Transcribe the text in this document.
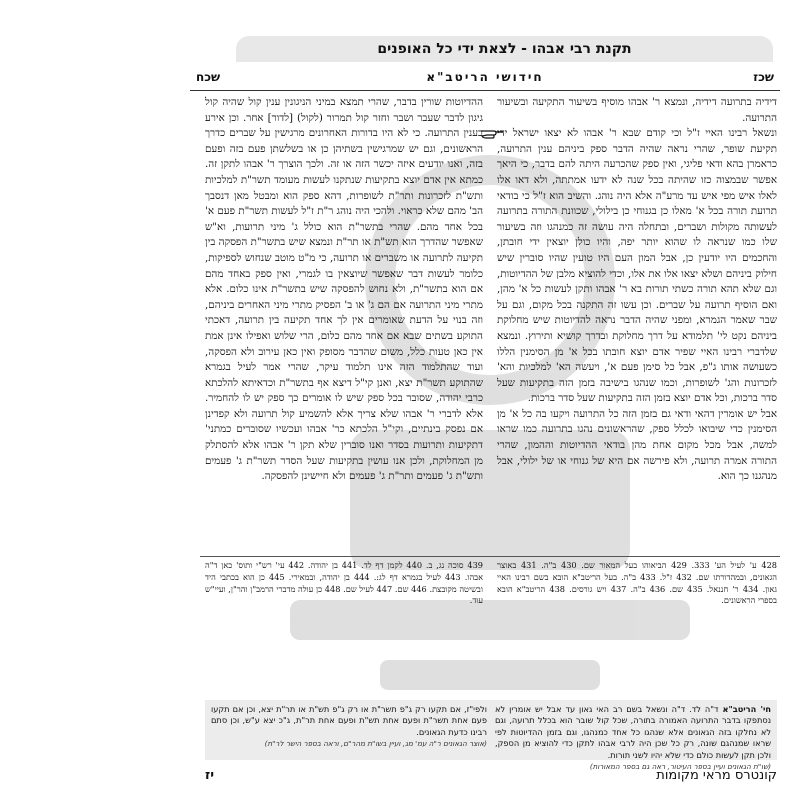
תקנת רבי אבהו - לצאת ידי כל האופנים
שכז
חידושי הריטב"א
שכח

דידיה בתרועה דידיה, ונמצא ר' אבהו מוסיף בשיעור התקיעה ובשיעור התרועה.

ונשאל רבינו האיי ז"ל וכי קודם שבא ר' אבהו לא יצאו ישראל ידי תקיעת שופר, שהרי נראה שהיה הדבר ספק ביניהם ענין התרועה, כראמרן בהא ודאי פליגי, ואין ספק שהכרעה היתה להם בדבר, כי היאך אפשר שבמצוה כזו שהיתה בכל שנה לא ידעו אמתתה, ולא דאו אלו לאלו איש מפי איש עד מרע"ה אלא היה נוהג. והשיב הוא ז"ל כי בודאי תרועת תורה בכל א' מאלו כן בגנוחי כן בילולי, שכוונת התורה בתרועה לעשותה מקולות ושברים, ובתחלה היה עושה זה כמנהגו וזה בשיעור שלו כמו שנראה לו שהוא יותר יפה, והיו כולן יוצאין ידי חובתן, והחכמים היו יודעין כן, אבל המון העם היו טועין שהיו סוברין שיש חילוק ביניהם ושלא יצאו אלו את אלו, וכדי להוציא מלבן של ההדיוטות, וגם שלא תהא תורה כשתי תורות בא ר' אבהו ותקן לעשות כל א' מהן, ואם הוסיף תרועה על שברים. וכן עשו זה התקנה בכל מקום, וגם על שבר שאמר הגמרא, ומפני שהיה הדבר נראה להדיוטות שיש מחלוקת ביניהם נקט לי' תלמודא על דרך מחלוקת ובדרך קושיא ותירוץ. ונמצא שלדברי רבינו האיי שפיר אדם יוצא חובתו בכל א' מן הסימנין הללו כשעושה אותו ג"פ, אבל כל סימן פעם א', ויעשה הא' למלכיות והא' לזכרונות והג' לשופרות, וכמו שנהגו בישיבה בזמן הזה בתקיעות שעל סדר ברכות, וכל אדם יוצא בזמן הזה בתקיעות שעל סדר ברכות.

אבל יש אומרין דהאי ודאי גם בזמן הזה כל התרועה ויקעו בה כל א' מן הסימנין כדי שיבואו לכלל ספק, שהראשונים נהגו בתרועה כמו שראו למשה, אבל מכל מקום אחת מהן בודאי ההדיוטות וההמון, שהרי התורה אמרה תרועה, ולא פירשה אם היא של גנוחי או של ילולי, אבל מנהגנו כך הוא.

ההדיוטות שורין בדבר, שהרי תמצא במיני הניגונין ענין קול שהיה קול גיגון לדבר שעבר ושבר וחזר קול תמרור (לקול) [לדור] אחר. וכן אירע בענין התרועה. כי לא היו בדורות האחרונים מרגישין על שברים כדרך הראשונים, וגם יש שמרגישין בשתיהן כן או בשלשתן פעם בזה ופעם בזה, ואנו יודעים איזה יכשר הזה או זה. ולכך הוצרך ר' אבהו לתקן זה. כמתא אין אדם יוצא בתקיעות שנתקנו לעשות מעומד תשר"ת למלכיות ותש"ת לזכרונות ותר"ת לשופרות, דהא ספק הוא ומבטל מאן דנסבך הב' מהם שלא כראוי. ולהכי היה נוהג ר"ת ז"ל לעשות תשר"ת פעם א' בכל אחד מהם. שהרי בתשר"ת הוא כולל ג' מיני תרועות, וא"ש שאפשר שהדרך הוא תש"ת או תר"ת ונמצא שיש בתשר"ת הפסקה בין תקיעה לתרועה או משברים או תרועה, כי מ"ט מוטב שנחוש לספיקות, כלומר לעשות דבר שאפשר שיוצאין בו לגמרי, ואין ספק באחד מהם אם הוא בתשר"ת, ולא נחוש להפסקה שיש בתשר"ת אינו כלום. אלא מתרי מיני התרועה אם הם ג' או ב' הפסיק מתרי מיני האחרים ביניהם, וזה בנוי על הדעת שאומרים אין לך אחד תקיעה בין תרועה, דאכתי התוקע בשתים שבא אם אחד מהם כלום, הרי שלוש ואפילו אינן אמת אין כאן טעות כלל, משום שהדבר מסופק ואין כאן עירוב ולא הפסקה, ועוד שהתלמוד הזה אינו תלמוד עיקר, שהרי אמר לעיל בגמרא שהתוקע תשר"ת יצא, ואנן קי"ל דיצא אף בתשר"ת וכדאיתא להלכתא כרבי יהודה, שסובר בכל ספק שיש לו אומרים כך ספק יש לו להחמיר. אלא לדברי ר' אבהו שלא צריך אלא להשמיע קול תרועה ולא קפדינן אם נפסק בינתיים, וקי"ל הלכתא כר' אבהו ועכשיו שסוברים כמתני' דתקיעות ותרועות בסדר ואנו סוברין שלא תקן ר' אבהו אלא להסתלק מן המחלוקת, ולכן אנו עושין בתקיעות שעל הסדר תשר"ת ג' פעמים ותש"ת ג' פעמים ותר"ת ג' פעמים ולא חיישינן להפסקה.

428 ע' לעיל הע' 333. 429 הביאוהו בעל המאור שם. 430 ב"ה. 431 באוצר הגאונים, ובמהדורתו שם. 432 ז"ל. 433 ב"ה. בעל הריטב"א הובא בשם רבינו האיי גאון. 434 ר' חננאל. 435 שם. 436 ב"ה. 437 ויש גורסים. 438 הריטב"א הובא בספרי הראשונים.
439 סוכה נג, ב. 440 לקמן דף לד. 441 בן יהודה. 442 עי' רש"י ותוס' כאן ד"ה אבהו. 443 לעיל בגמרא דף לג:. 444 בן יהודה, ובמאירי. 445 כן הוא בכתבי היד ובשיטה מקובצת. 446 שם. 447 לעיל שם. 448 כן עולה מדברי הרמב"ן והר"ן, ועיי"ש עוד.
חי' הריטב"א ד"ה לד. ד"ה ונשאל בשם רב האי גאון עד אבל יש אומרין לא נסתפקו בדבר התרועה האמורה בתורה, שכל קול שובר הוא בכלל תרועה, וגם לא נחלקו בזה הגאונים אלא שנהגו כל אחד כמנהגו, וגם בזמן ההדיוטות לפי שראו שמנהגם שונה, רק כל שכן היה לרבי אבהו לתקן כדי להוציא מן הספק, ולכן תקן לעשות כולם כדי שלא יהיו לשני תורות.
(שו"ת הגאונים ועיין בספר העיטור, ראה גם בספר המאורות)
ולפי"ז, אם תקעו רק ג"פ תשר"ת או רק ג"פ תש"ת או תר"ת יצא, וכן אם תקעו פעם אחת תשר"ת ופעם אחת תש"ת ופעם אחת תר"ת, ג"כ יצא ע"ש, וכן סתם רבינו כדעת הגאונים.
(אוצר הגאונים ר"ה עמ' מג, ועיין בשו"ת מהר"ם, וראה בספר הישר לר"ת)
קונטרס מראי מקומות
יז
